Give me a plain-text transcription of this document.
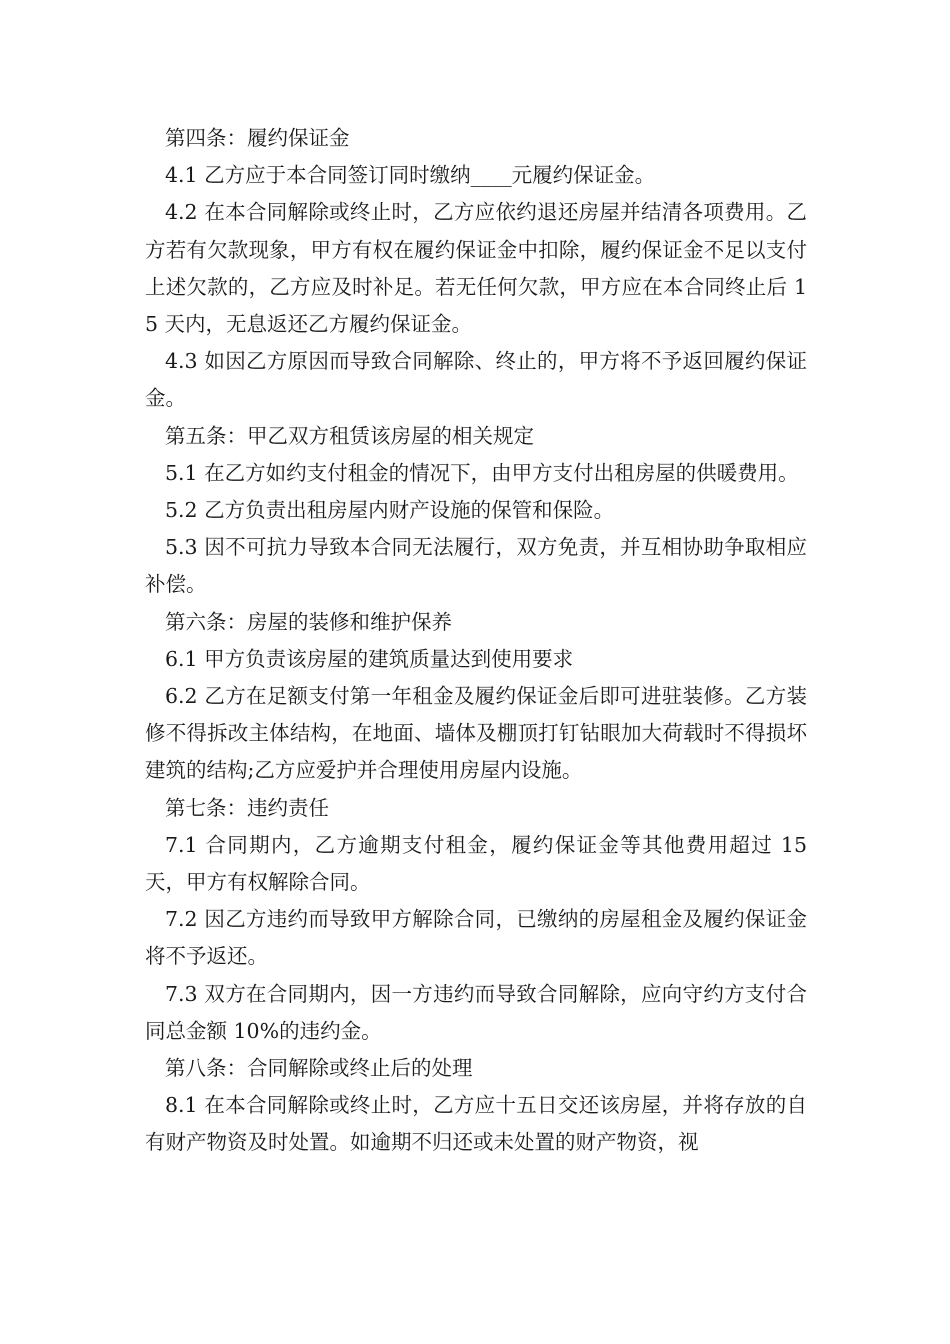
第四条：履约保证金

4.1 乙方应于本合同签订同时缴纳____元履约保证金。

4.2 在本合同解除或终止时，乙方应依约退还房屋并结清各项费用。乙方若有欠款现象，甲方有权在履约保证金中扣除，履约保证金不足以支付上述欠款的，乙方应及时补足。若无任何欠款，甲方应在本合同终止后 15 天内，无息返还乙方履约保证金。

4.3 如因乙方原因而导致合同解除、终止的，甲方将不予返回履约保证金。

第五条：甲乙双方租赁该房屋的相关规定

5.1 在乙方如约支付租金的情况下，由甲方支付出租房屋的供暖费用。

5.2 乙方负责出租房屋内财产设施的保管和保险。

5.3 因不可抗力导致本合同无法履行，双方免责，并互相协助争取相应补偿。

第六条：房屋的装修和维护保养

6.1 甲方负责该房屋的建筑质量达到使用要求

6.2 乙方在足额支付第一年租金及履约保证金后即可进驻装修。乙方装修不得拆改主体结构，在地面、墙体及棚顶打钉钻眼加大荷载时不得损坏建筑的结构;乙方应爱护并合理使用房屋内设施。

第七条：违约责任

7.1 合同期内，乙方逾期支付租金，履约保证金等其他费用超过 15 天，甲方有权解除合同。

7.2 因乙方违约而导致甲方解除合同，已缴纳的房屋租金及履约保证金将不予返还。

7.3 双方在合同期内，因一方违约而导致合同解除，应向守约方支付合同总金额 10%的违约金。

第八条：合同解除或终止后的处理

8.1 在本合同解除或终止时，乙方应十五日交还该房屋，并将存放的自有财产物资及时处置。如逾期不归还或未处置的财产物资，视
